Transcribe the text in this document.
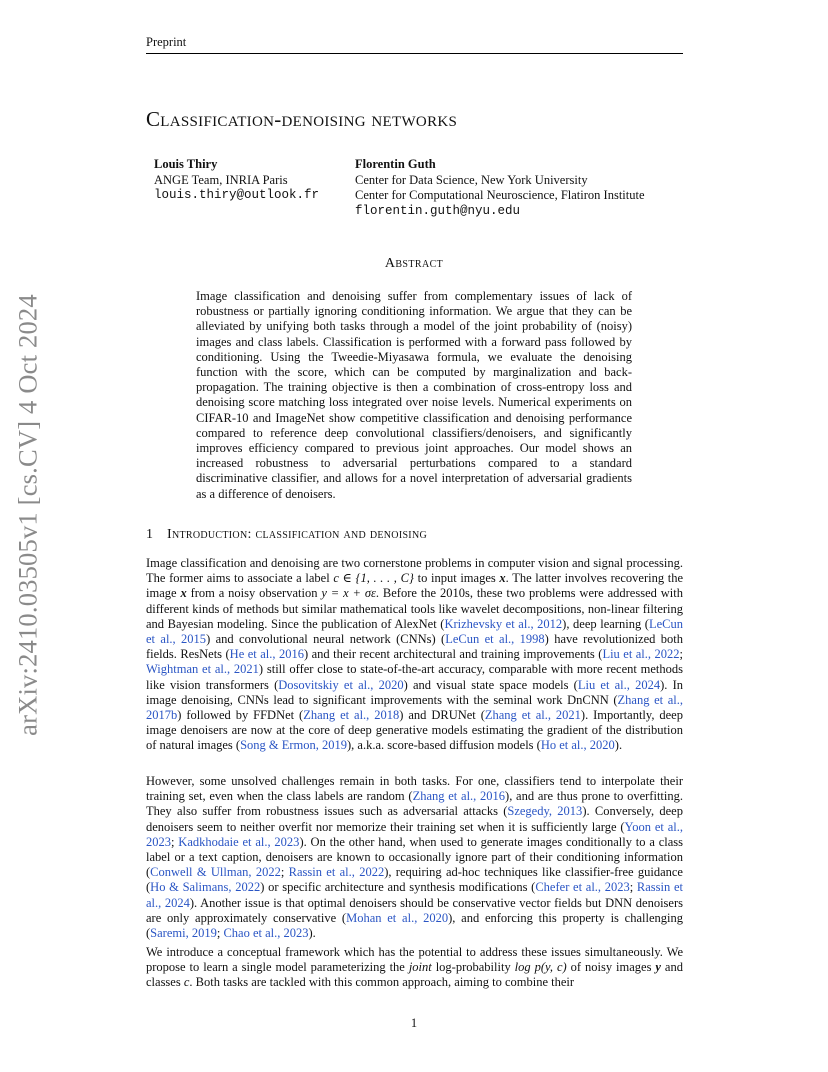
arXiv:2410.03505v1 [cs.CV] 4 Oct 2024
Preprint
Classification-denoising networks
Louis Thiry
ANGE Team, INRIA Paris
louis.thiry@outlook.fr
Florentin Guth
Center for Data Science, New York University
Center for Computational Neuroscience, Flatiron Institute
florentin.guth@nyu.edu
Abstract
Image classification and denoising suffer from complementary issues of lack of robustness or partially ignoring conditioning information. We argue that they can be alleviated by unifying both tasks through a model of the joint probability of (noisy) images and class labels. Classification is performed with a forward pass followed by conditioning. Using the Tweedie-Miyasawa formula, we evaluate the denoising function with the score, which can be computed by marginalization and back-propagation. The training objective is then a combination of cross-entropy loss and denoising score matching loss integrated over noise levels. Numerical experiments on CIFAR-10 and ImageNet show competitive classification and denoising performance compared to reference deep convolutional classifiers/denoisers, and significantly improves efficiency compared to previous joint approaches. Our model shows an increased robustness to adversarial perturbations compared to a standard discriminative classifier, and allows for a novel interpretation of adversarial gradients as a difference of denoisers.
1 Introduction: classification and denoising
Image classification and denoising are two cornerstone problems in computer vision and signal processing. The former aims to associate a label c ∈ {1, . . . , C} to input images x. The latter involves recovering the image x from a noisy observation y = x + σε. Before the 2010s, these two problems were addressed with different kinds of methods but similar mathematical tools like wavelet decompositions, non-linear filtering and Bayesian modeling. Since the publication of AlexNet (Krizhevsky et al., 2012), deep learning (LeCun et al., 2015) and convolutional neural network (CNNs) (LeCun et al., 1998) have revolutionized both fields. ResNets (He et al., 2016) and their recent architectural and training improvements (Liu et al., 2022; Wightman et al., 2021) still offer close to state-of-the-art accuracy, comparable with more recent methods like vision transformers (Dosovitskiy et al., 2020) and visual state space models (Liu et al., 2024). In image denoising, CNNs lead to significant improvements with the seminal work DnCNN (Zhang et al., 2017b) followed by FFDNet (Zhang et al., 2018) and DRUNet (Zhang et al., 2021). Importantly, deep image denoisers are now at the core of deep generative models estimating the gradient of the distribution of natural images (Song & Ermon, 2019), a.k.a. score-based diffusion models (Ho et al., 2020).
However, some unsolved challenges remain in both tasks. For one, classifiers tend to interpolate their training set, even when the class labels are random (Zhang et al., 2016), and are thus prone to overfitting. They also suffer from robustness issues such as adversarial attacks (Szegedy, 2013). Conversely, deep denoisers seem to neither overfit nor memorize their training set when it is sufficiently large (Yoon et al., 2023; Kadkhodaie et al., 2023). On the other hand, when used to generate images conditionally to a class label or a text caption, denoisers are known to occasionally ignore part of their conditioning information (Conwell & Ullman, 2022; Rassin et al., 2022), requiring ad-hoc techniques like classifier-free guidance (Ho & Salimans, 2022) or specific architecture and synthesis modifications (Chefer et al., 2023; Rassin et al., 2024). Another issue is that optimal denoisers should be conservative vector fields but DNN denoisers are only approximately conservative (Mohan et al., 2020), and enforcing this property is challenging (Saremi, 2019; Chao et al., 2023).
We introduce a conceptual framework which has the potential to address these issues simultaneously. We propose to learn a single model parameterizing the joint log-probability log p(y, c) of noisy images y and classes c. Both tasks are tackled with this common approach, aiming to combine their
1
